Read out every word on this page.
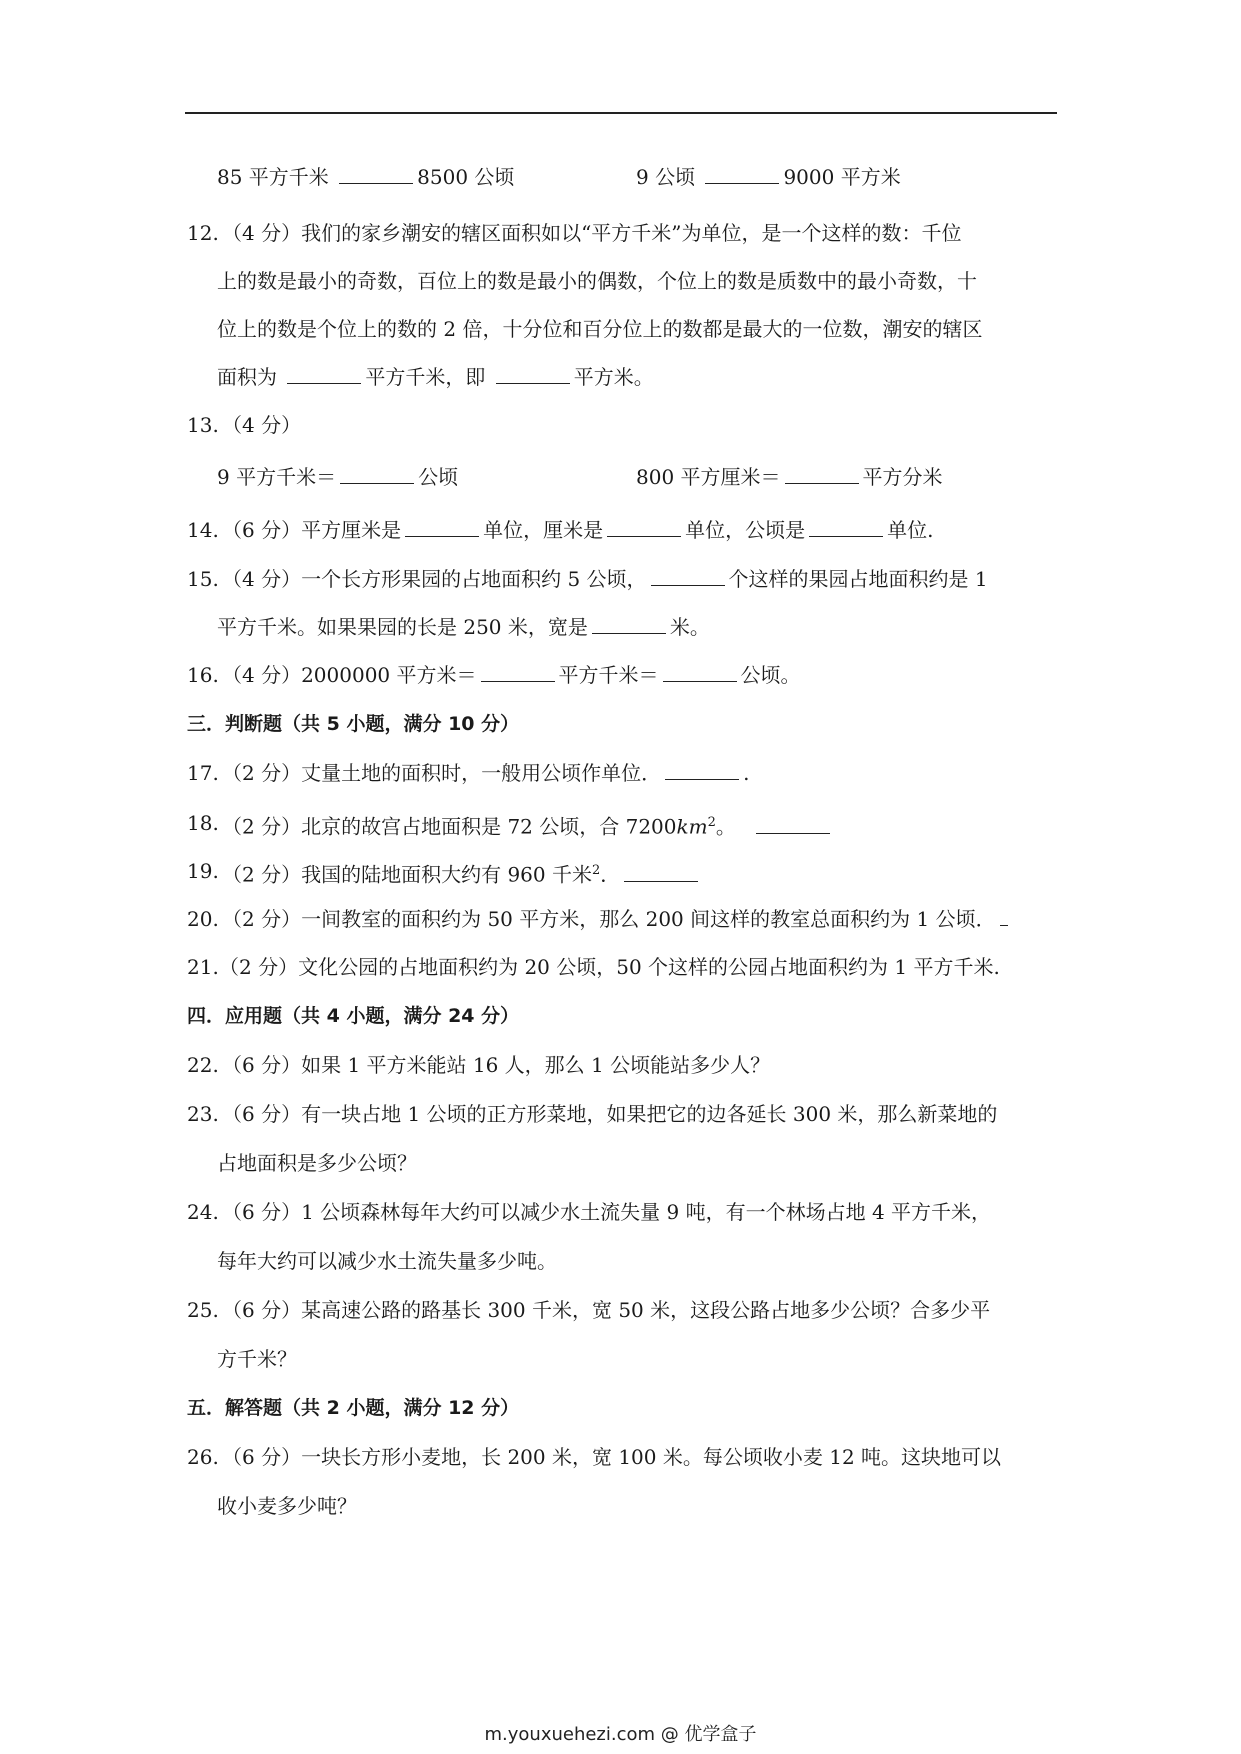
85 平方千米	8500 公顷	9 公顷	9000 平方米
12. （4 分）我们的家乡潮安的辖区面积如以“平方千米”为单位，是一个这样的数：千位
上的数是最小的奇数，百位上的数是最小的偶数，个位上的数是质数中的最小奇数，十
位上的数是个位上的数的 2 倍，十分位和百分位上的数都是最大的一位数，潮安的辖区
面积为	平方千米，即	平方米。
13. （4 分）
9 平方千米＝	公顷	800 平方厘米＝	平方分米
14. （6 分）平方厘米是	单位，厘米是	单位，公顷是	单位.
15. （4 分）一个长方形果园的占地面积约 5 公顷，	个这样的果园占地面积约是 1
平方千米。如果果园的长是 250 米，宽是	米。
16. （4 分）2000000 平方米＝	平方千米＝	公顷。
三．判断题（共 5 小题，满分 10 分）
17. （2 分）丈量土地的面积时，一般用公顷作单位．	.
18. （2 分）北京的故宫占地面积是 72 公顷，合 $7200km^2$。
19. （2 分）我国的陆地面积大约有 960 千米$^2$．
20. （2 分）一间教室的面积约为 50 平方米，那么 200 间这样的教室总面积约为 1 公顷．
21. （2 分）文化公园的占地面积约为 20 公顷，50 个这样的公园占地面积约为 1 平方千米.
四．应用题（共 4 小题，满分 24 分）
22. （6 分）如果 1 平方米能站 16 人，那么 1 公顷能站多少人？
23. （6 分）有一块占地 1 公顷的正方形菜地，如果把它的边各延长 300 米，那么新菜地的
占地面积是多少公顷？
24. （6 分）1 公顷森林每年大约可以减少水土流失量 9 吨，有一个林场占地 4 平方千米，
每年大约可以减少水土流失量多少吨。
25. （6 分）某高速公路的路基长 300 千米，宽 50 米，这段公路占地多少公顷？合多少平
方千米？
五．解答题（共 2 小题，满分 12 分）
26. （6 分）一块长方形小麦地，长 200 米，宽 100 米。每公顷收小麦 12 吨。这块地可以
收小麦多少吨？
m.youxuehezi.com @ 优学盒子
